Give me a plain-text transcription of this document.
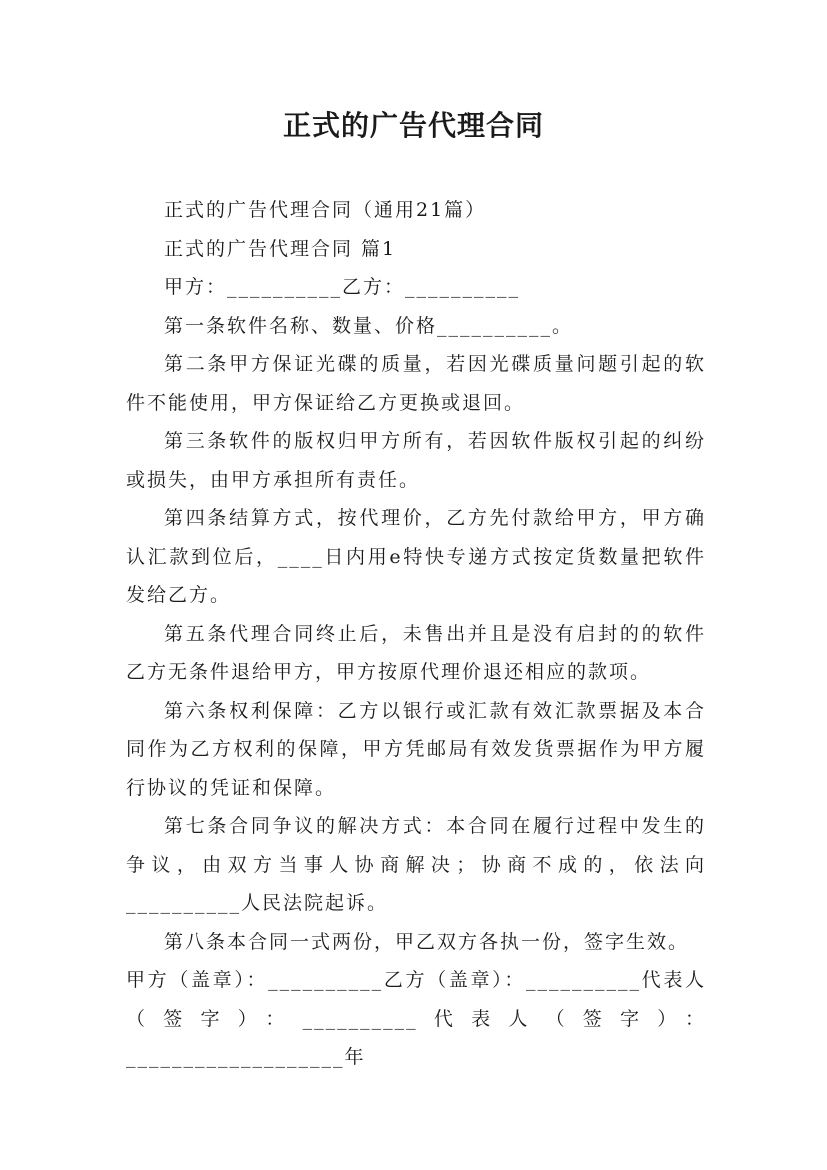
正式的广告代理合同

正式的广告代理合同（通用21篇）

正式的广告代理合同 篇1

甲方：__________乙方：__________

第一条软件名称、数量、价格__________。

第二条甲方保证光碟的质量，若因光碟质量问题引起的软件不能使用，甲方保证给乙方更换或退回。

第三条软件的版权归甲方所有，若因软件版权引起的纠纷或损失，由甲方承担所有责任。

第四条结算方式，按代理价，乙方先付款给甲方，甲方确认汇款到位后，____日内用e特快专递方式按定货数量把软件发给乙方。

第五条代理合同终止后，未售出并且是没有启封的的软件乙方无条件退给甲方，甲方按原代理价退还相应的款项。

第六条权利保障：乙方以银行或汇款有效汇款票据及本合同作为乙方权利的保障，甲方凭邮局有效发货票据作为甲方履行协议的凭证和保障。

第七条合同争议的解决方式：本合同在履行过程中发生的争议，由双方当事人协商解决；协商不成的，依法向__________人民法院起诉。

第八条本合同一式两份，甲乙双方各执一份，签字生效。

甲方（盖章）：__________乙方（盖章）：__________代表人（签字）：__________代表人（签字）：___________________年
